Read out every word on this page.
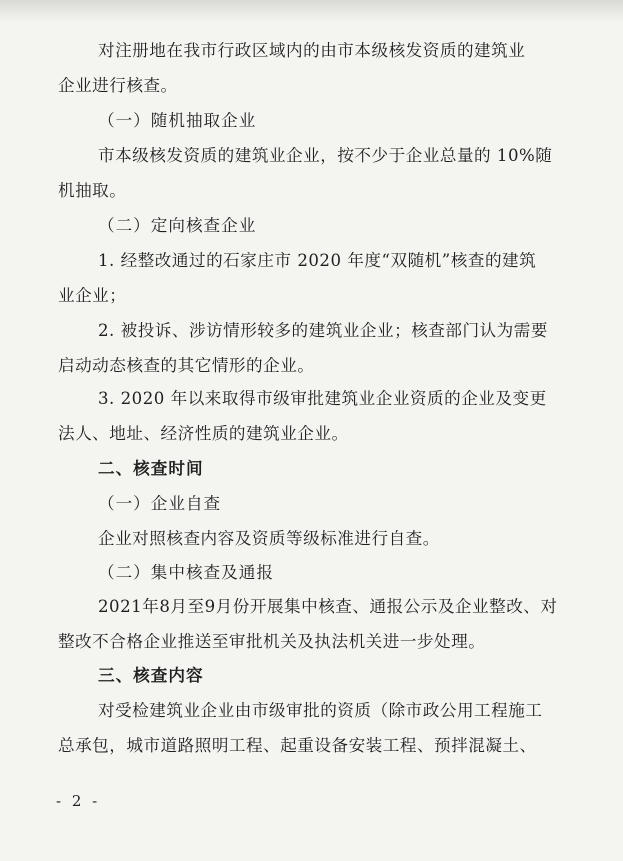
对注册地在我市行政区域内的由市本级核发资质的建筑业
企业进行核查。
（一）随机抽取企业
市本级核发资质的建筑业企业，按不少于企业总量的 10%随
机抽取。
（二）定向核查企业
1. 经整改通过的石家庄市 2020 年度“双随机”核查的建筑
业企业；
2. 被投诉、涉访情形较多的建筑业企业；核查部门认为需要
启动动态核查的其它情形的企业。
3. 2020 年以来取得市级审批建筑业企业资质的企业及变更
法人、地址、经济性质的建筑业企业。
二、核查时间
（一）企业自查
企业对照核查内容及资质等级标准进行自查。
（二）集中核查及通报
2021年8月至9月份开展集中核查、通报公示及企业整改、对
整改不合格企业推送至审批机关及执法机关进一步处理。
三、核查内容
对受检建筑业企业由市级审批的资质（除市政公用工程施工
总承包，城市道路照明工程、起重设备安装工程、预拌混凝土、
- 2 -
